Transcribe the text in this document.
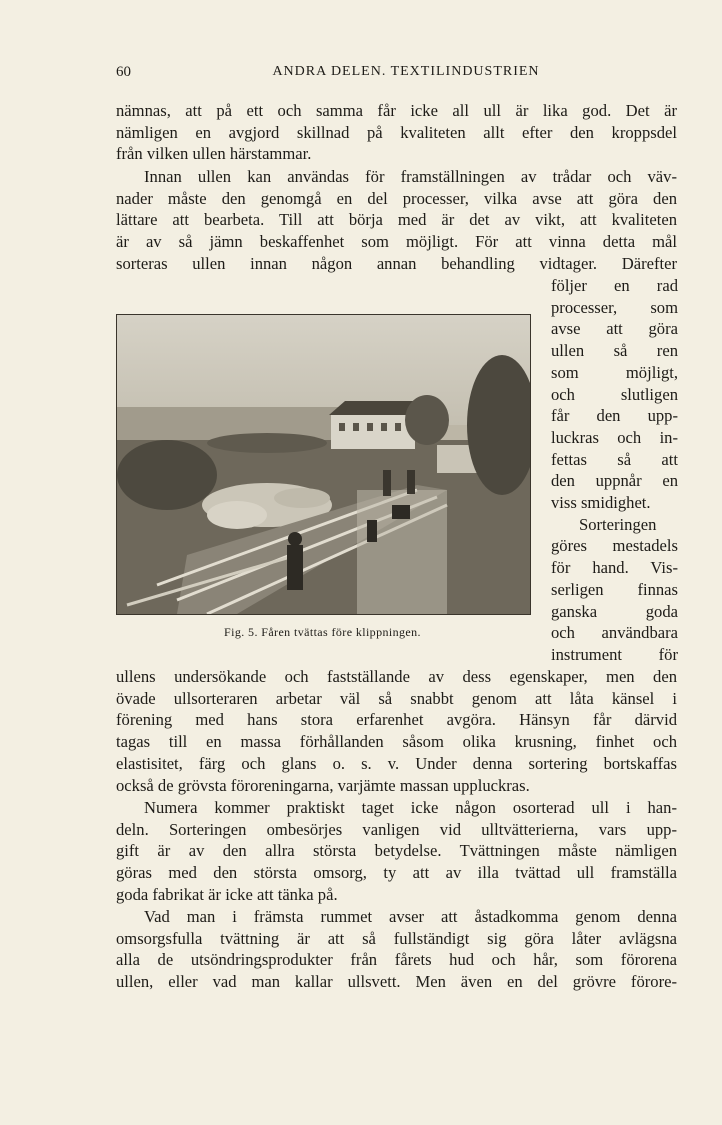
60	ANDRA DELEN. TEXTILINDUSTRIEN
nämnas, att på ett och samma får icke all ull är lika god. Det är
nämligen en avgjord skillnad på kvaliteten allt efter den kroppsdel
från vilken ullen härstammar.
Innan ullen kan användas för framställningen av trådar och väv-
nader måste den genomgå en del processer, vilka avse att göra den
lättare att bearbeta. Till att börja med är det av vikt, att kvaliteten
är av så jämn beskaffenhet som möjligt. För att vinna detta mål
sorteras ullen innan någon annan behandling vidtager. Därefter
följer en rad
processer, som
avse att göra
ullen så ren
som möjligt,
och slutligen
får den upp-
luckras och in-
fettas så att
den uppnår en
viss smidighet.
Sorteringen
göres mestadels
för hand. Vis-
serligen finnas
ganska goda
och användbara
instrument för
Fig. 5. Fåren tvättas före klippningen.
ullens undersökande och fastställande av dess egenskaper, men den
övade ullsorteraren arbetar väl så snabbt genom att låta känsel i
förening med hans stora erfarenhet avgöra. Hänsyn får därvid
tagas till en massa förhållanden såsom olika krusning, finhet och
elastisitet, färg och glans o. s. v. Under denna sortering bortskaffas
också de grövsta föroreningarna, varjämte massan uppluckras.
Numera kommer praktiskt taget icke någon osorterad ull i han-
deln. Sorteringen ombesörjes vanligen vid ulltvätterierna, vars upp-
gift är av den allra största betydelse. Tvättningen måste nämligen
göras med den största omsorg, ty att av illa tvättad ull framställa
goda fabrikat är icke att tänka på.
Vad man i främsta rummet avser att åstadkomma genom denna
omsorgsfulla tvättning är att så fullständigt sig göra låter avlägsna
alla de utsöndringsprodukter från fårets hud och hår, som förorena
ullen, eller vad man kallar ullsvett. Men även en del grövre förore-
